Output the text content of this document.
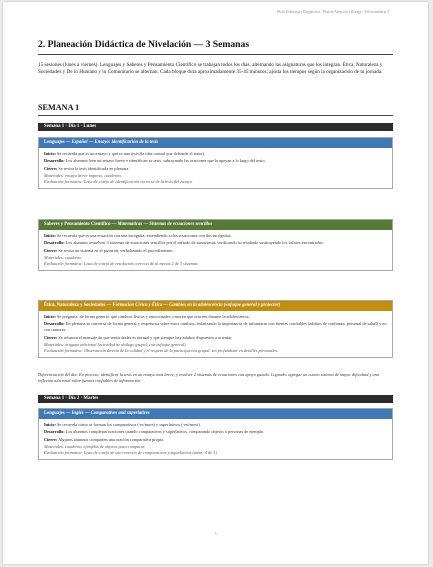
8b de Evaluación Diagnóstica · Plan de Atención a Rezago · Telesecundaria 3º
2. Planeación Didáctica de Nivelación — 3 Semanas

15 sesiones (lunes a viernes). Lenguajes y Saberes y Pensamiento Científico se trabajan todos los días, alternando las asignaturas que los integran. Ética, Naturaleza y Sociedades y De lo Humano y lo Comunitario se alternan. Cada bloque dura aproximadamente 35-45 minutos; ajusta los tiempos según la organización de tu jornada.

SEMANA 1
Semana 1 · Día 1 · Lunes
Lenguajes — Español — Ensayo: identificación de la tesis

Inicio: Se recuerda qué es un ensayo y qué es una tesis (la idea central que defiende el autor).

Desarrollo: Los alumnos leen un ensayo breve e identifican su tesis, subrayando las oraciones que la apoyan a lo largo del texto.

Cierre: Se revisa la tesis identificada en plenaria.

Materiales: ensayo breve impreso, cuaderno.

Evaluación formativa: Lista de cotejo de identificación correcta de la tesis del ensayo.

Saberes y Pensamiento Científico — Matemáticas — Sistemas de ecuaciones sencillos

Inicio: Se recuerda qué es una ecuación con una incógnita, extendiendo a dos ecuaciones con dos incógnitas.

Desarrollo: Los alumnos resuelven 3 sistemas de ecuaciones sencillos por el método de suma/resta, verificando su resultado sustituyendo los valores encontrados.

Cierre: Se revisa un sistema en el pizarrón, verbalizando el procedimiento.

Materiales: cuaderno.

Evaluación formativa: Lista de cotejo de resolución correcta de al menos 2 de 3 sistemas.

Ética, Naturaleza y Sociedades — Formación Cívica y Ética — Cambios en la adolescencia (enfoque general y protector)

Inicio: Se pregunta, de forma general, qué cambios físicos y emocionales conocen que ocurren durante la adolescencia.

Desarrollo: En plenaria se conversa de forma general y respetuosa sobre estos cambios, enfatizando la importancia de informarse con fuentes confiables (adultos de confianza, personal de salud) y no con rumores.

Cierre: Se refuerza el mensaje de que sentir dudas es normal y que siempre hay adultos dispuestos a orientar.

Materiales: ninguno adicional (actividad de diálogo grupal, con enfoque general).

Evaluación formativa: Observación directa de la calidad y el respeto de la participación grupal, sin profundizar en detalles personales.

Diferenciación del día: En proceso: identificar la tesis en un ensayo más breve, y resolver 2 sistemas de ecuaciones con apoyo guiado. Logrado: agregar un cuarto sistema de mayor dificultad y una reflexión adicional sobre fuentes confiables de información.

Semana 1 · Día 2 · Martes
Lenguajes — Inglés — Comparatives and superlatives

Inicio: Se recuerda cómo se forman los comparativos (-er/more) y superlativos (-est/most).

Desarrollo: Los alumnos completan oraciones usando comparativos y superlativos, comparando objetos o personas de ejemplo.

Cierre: Algunos alumnos comparten una oración comparativa propia.

Materiales: cuaderno, ejemplos de objetos para comparar.

Evaluación formativa: Lista de cotejo de uso correcto de comparativos y superlativos (meta: 4 de 5).

5
